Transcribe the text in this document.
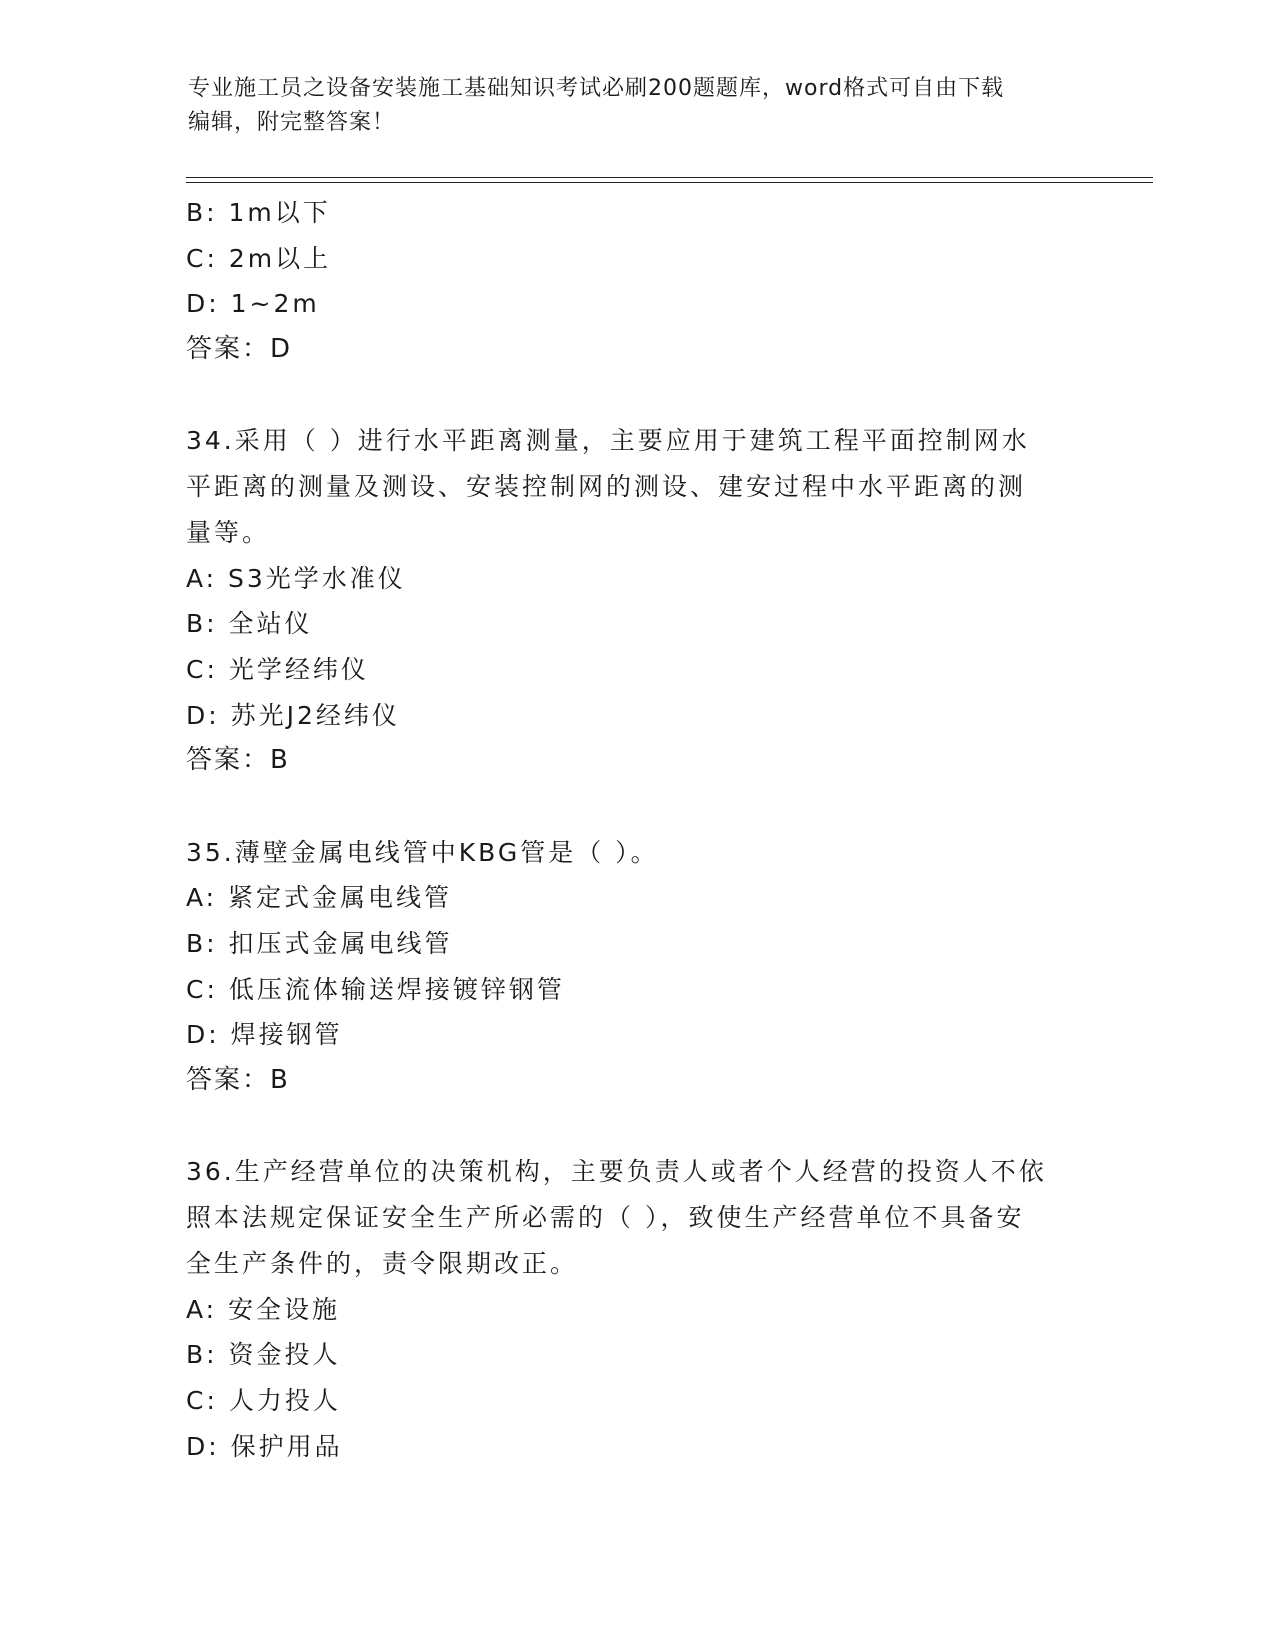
专业施工员之设备安装施工基础知识考试必刷200题题库，word格式可自由下载
编辑，附完整答案！
B: 1m以下
C: 2m以上
D: 1~2m
答案：D
34.采用（ ）进行水平距离测量，主要应用于建筑工程平面控制网水
平距离的测量及测设、安装控制网的测设、建安过程中水平距离的测
量等。
A: S3光学水准仪
B: 全站仪
C: 光学经纬仪
D: 苏光J2经纬仪
答案：B
35.薄壁金属电线管中KBG管是（ ）。
A: 紧定式金属电线管
B: 扣压式金属电线管
C: 低压流体输送焊接镀锌钢管
D: 焊接钢管
答案：B
36.生产经营单位的决策机构，主要负责人或者个人经营的投资人不依
照本法规定保证安全生产所必需的（ ），致使生产经营单位不具备安
全生产条件的，责令限期改正。
A: 安全设施
B: 资金投人
C: 人力投人
D: 保护用品
